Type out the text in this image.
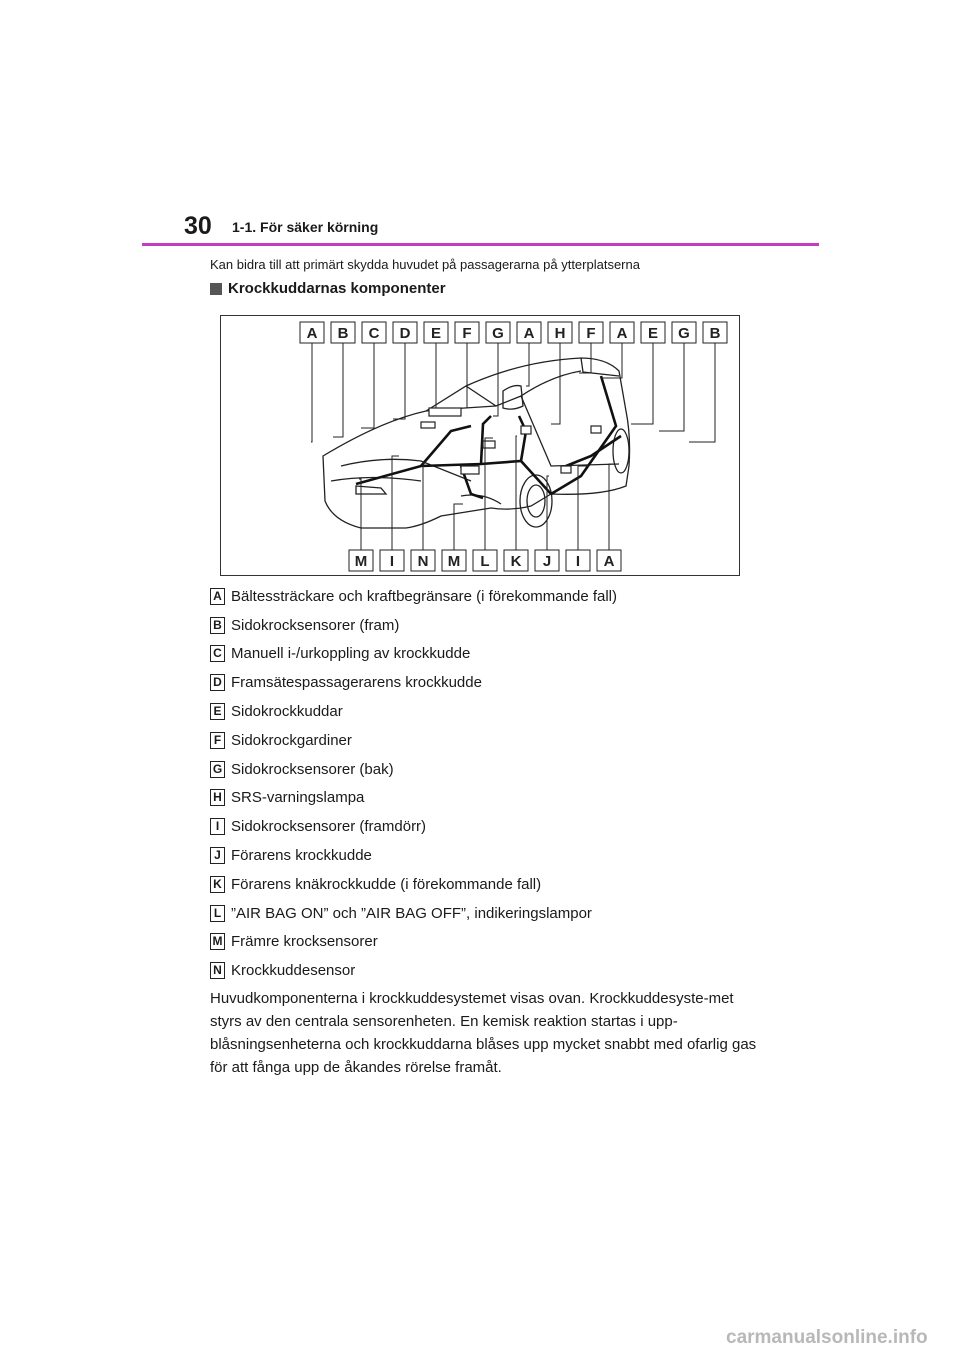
30 1-1. För säker körning
Kan bidra till att primärt skydda huvudet på passagerarna på ytterplatserna
Krockkuddarnas komponenter
A B C D E F G A H F A E G B
M I N M L K J I A
A Bältessträckare och kraftbegränsare (i förekommande fall)
B Sidokrocksensorer (fram)
C Manuell i-/urkoppling av krockkudde
D Framsätespassagerarens krockkudde
E Sidokrockkuddar
F Sidokrockgardiner
G Sidokrocksensorer (bak)
H SRS-varningslampa
I Sidokrocksensorer (framdörr)
J Förarens krockkudde
K Förarens knäkrockkudde (i förekommande fall)
L ”AIR BAG ON” och ”AIR BAG OFF”, indikeringslampor
M Främre krocksensorer
N Krockkuddesensor

Huvudkomponenterna i krockkuddesystemet visas ovan. Krockkuddesyste-met styrs av den centrala sensorenheten. En kemisk reaktion startas i upp-blåsningsenheterna och krockkuddarna blåses upp mycket snabbt med ofarlig gas för att fånga upp de åkandes rörelse framåt.

carmanualsonline.info
